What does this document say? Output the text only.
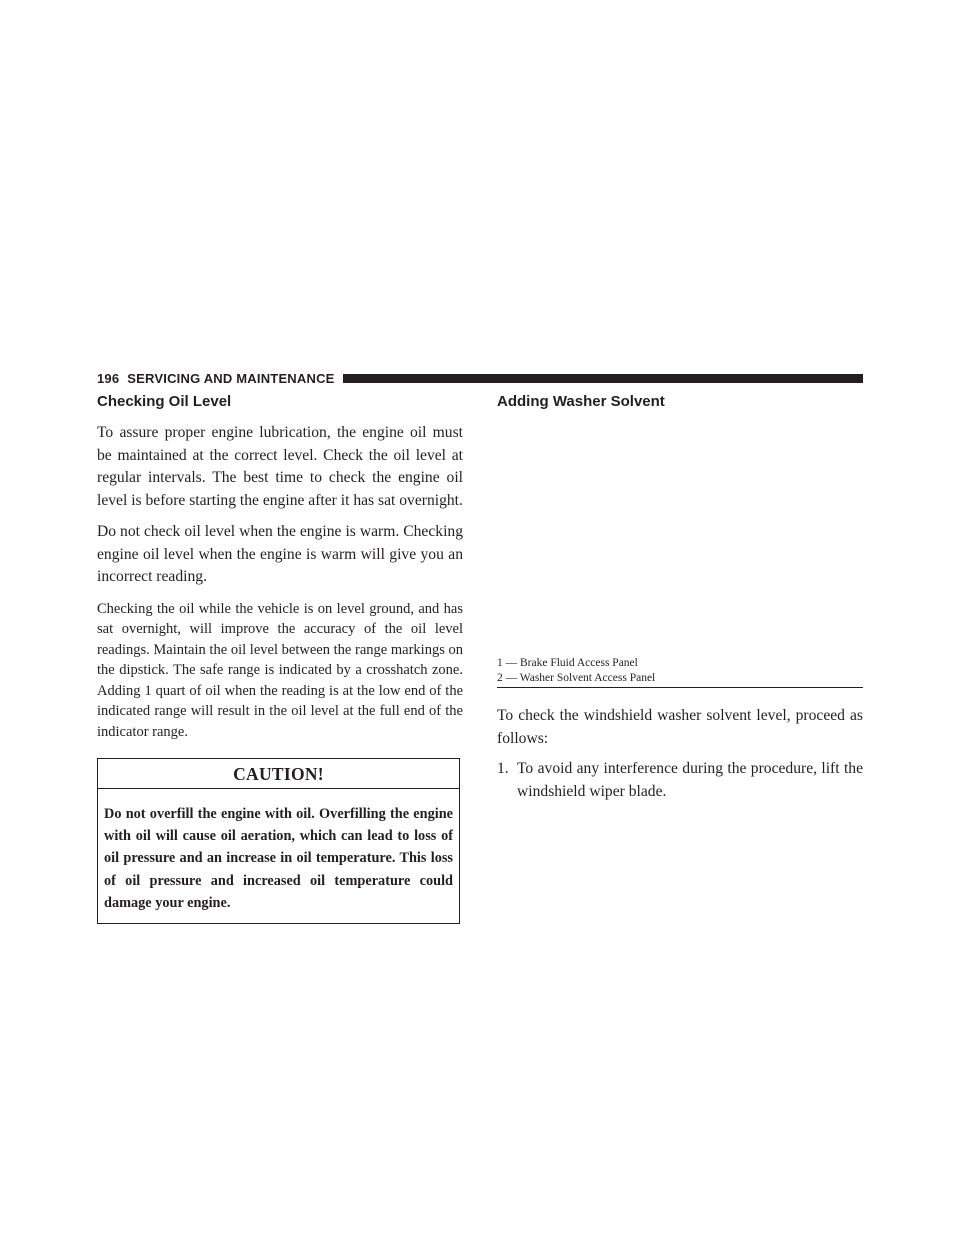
196 SERVICING AND MAINTENANCE
Checking Oil Level

To assure proper engine lubrication, the engine oil must be maintained at the correct level. Check the oil level at regular intervals. The best time to check the engine oil level is before starting the engine after it has sat overnight.

Do not check oil level when the engine is warm. Checking engine oil level when the engine is warm will give you an incorrect reading.

Checking the oil while the vehicle is on level ground, and has sat overnight, will improve the accuracy of the oil level readings. Maintain the oil level between the range markings on the dipstick. The safe range is indicated by a crosshatch zone. Adding 1 quart of oil when the reading is at the low end of the indicated range will result in the oil level at the full end of the indicator range.

CAUTION!
Do not overfill the engine with oil. Overfilling the engine with oil will cause oil aeration, which can lead to loss of oil pressure and an increase in oil temperature. This loss of oil pressure and increased oil temperature could damage your engine.
Adding Washer Solvent
1 — Brake Fluid Access Panel
2 — Washer Solvent Access Panel

To check the windshield washer solvent level, proceed as follows:

1. To avoid any interference during the procedure, lift the windshield wiper blade.
